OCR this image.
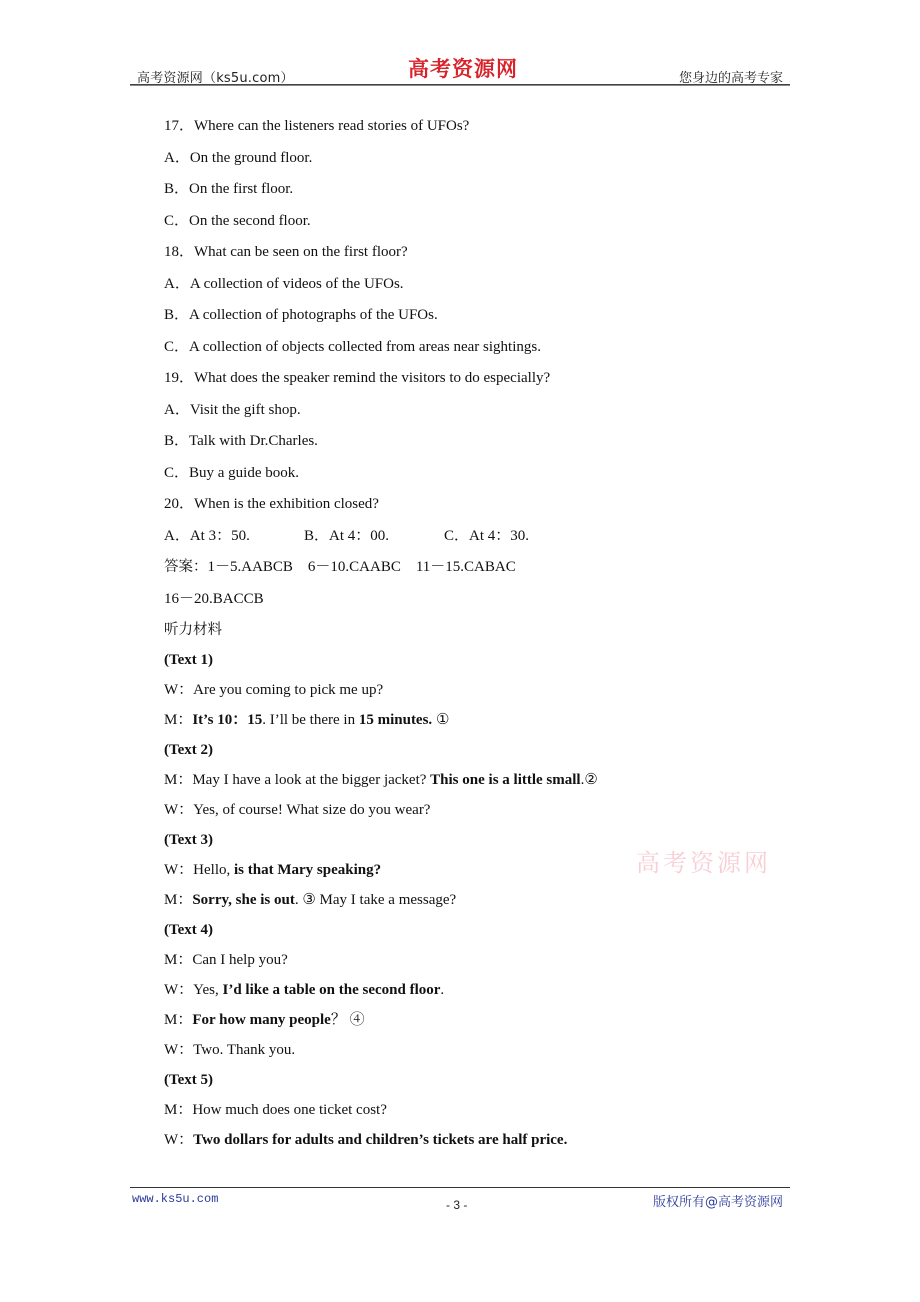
高考资源网（ks5u.com）	高考资源网	您身边的高考专家
17．Where can the listeners read stories of UFOs?
A．On the ground floor.
B．On the first floor.
C．On the second floor.
18．What can be seen on the first floor?
A．A collection of videos of the UFOs.
B．A collection of photographs of the UFOs.
C．A collection of objects collected from areas near sightings.
19．What does the speaker remind the visitors to do especially?
A．Visit the gift shop.
B．Talk with Dr.Charles.
C．Buy a guide book.
20．When is the exhibition closed?
A．At 3：50.	B．At 4：00.	C．At 4：30.
答案：1－5.AABCB　6－10.CAABC　11－15.CABAC
16－20.BACCB
听力材料
(Text 1)
W：Are you coming to pick me up?
M：It’s 10：15. I’ll be there in 15 minutes. ①
(Text 2)
M：May I have a look at the bigger jacket? This one is a little small.②
W：Yes, of course! What size do you wear?
(Text 3)
W：Hello, is that Mary speaking?
M：Sorry, she is out. ③ May I take a message?
(Text 4)
M：Can I help you?
W：Yes, I’d like a table on the second floor.
M：For how many people？ ④
W：Two. Thank you.
(Text 5)
M：How much does one ticket cost?
W：Two dollars for adults and children’s tickets are half price.
高考资源网
www.ks5u.com	- 3 -	版权所有@高考资源网
